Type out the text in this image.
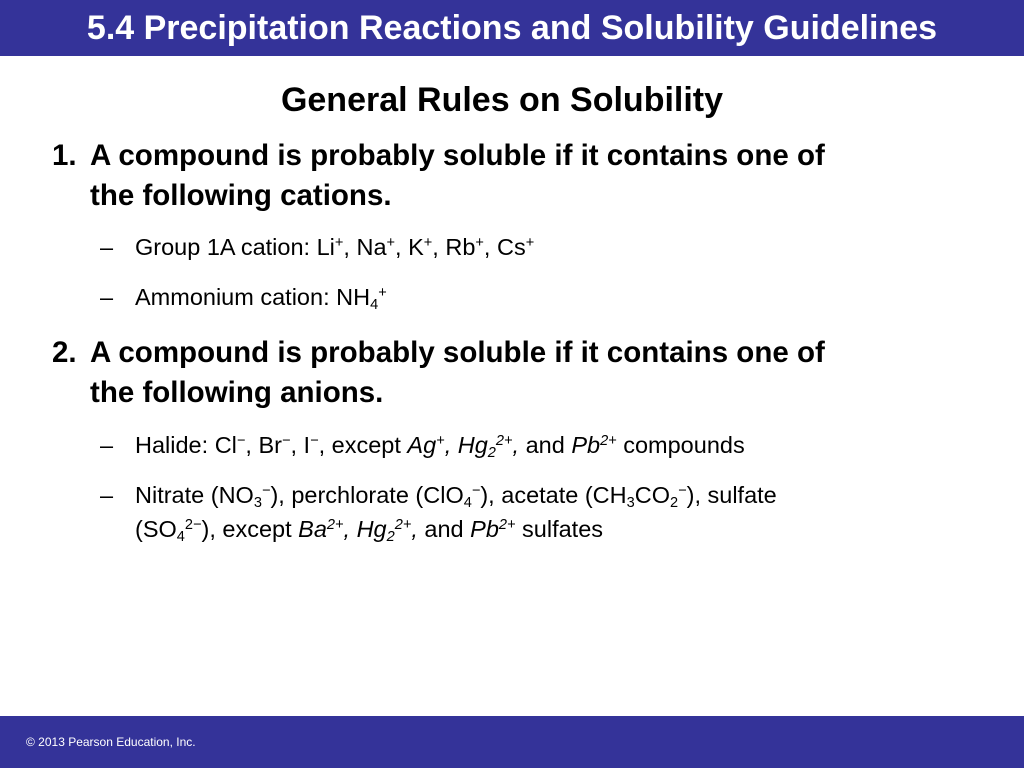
5.4 Precipitation Reactions and Solubility Guidelines
General Rules on Solubility
1. A compound is probably soluble if it contains one of
the following cations.
– Group 1A cation: Li+, Na+, K+, Rb+, Cs+
– Ammonium cation: $NH_4^+$
2. A compound is probably soluble if it contains one of
the following anions.
– Halide: Cl−, Br−, I−, except Ag+, $Hg_2^{2+}$, and $Pb^{2+}$ compounds
– Nitrate $(NO_3^-)$, perchlorate (ClO$_4$−), acetate $(CH_3CO_2^-)$, sulfate
$(SO_4^{2-})$, except $Ba^{2+}$, $Hg_2^{2+}$, and $Pb^{2+}$ sulfates
© 2013 Pearson Education, Inc.
